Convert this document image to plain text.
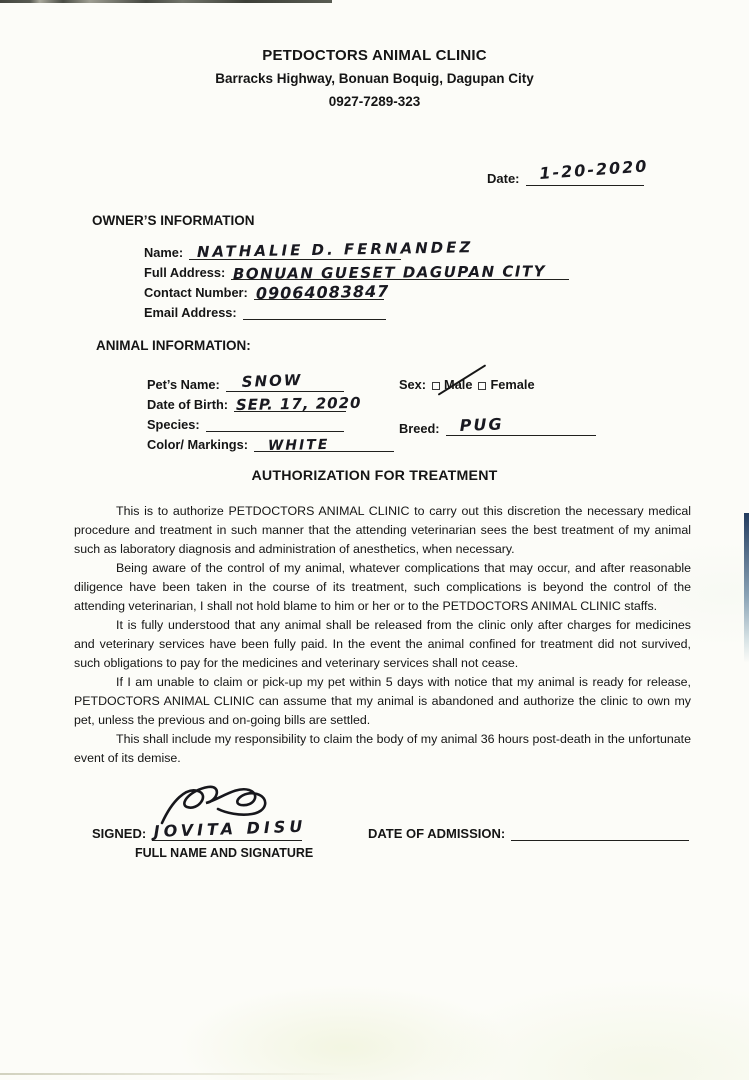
PETDOCTORS ANIMAL CLINIC
Barracks Highway, Bonuan Boquig, Dagupan City
0927-7289-323
Date: 1-20-2020
OWNER’S INFORMATION
Name: NATHALIE D. FERNANDEZ
Full Address: BONUAN GUESET DAGUPAN CITY
Contact Number: 09064083847
Email Address:
ANIMAL INFORMATION:
Pet’s Name: SNOW
Date of Birth: SEP. 17, 2020
Species:
Color/ Markings: WHITE
Sex: Male Female
Breed: PUG
AUTHORIZATION FOR TREATMENT

This is to authorize PETDOCTORS ANIMAL CLINIC to carry out this discretion the necessary medical procedure and treatment in such manner that the attending veterinarian sees the best treatment of my animal such as laboratory diagnosis and administration of anesthetics, when necessary.

Being aware of the control of my animal, whatever complications that may occur, and after reasonable diligence have been taken in the course of its treatment, such complications is beyond the control of the attending veterinarian, I shall not hold blame to him or her or to the PETDOCTORS ANIMAL CLINIC staffs.

It is fully understood that any animal shall be released from the clinic only after charges for medicines and veterinary services have been fully paid. In the event the animal confined for treatment did not survived, such obligations to pay for the medicines and veterinary services shall not cease.

If I am unable to claim or pick-up my pet within 5 days with notice that my animal is ready for release, PETDOCTORS ANIMAL CLINIC can assume that my animal is abandoned and authorize the clinic to own my pet, unless the previous and on-going bills are settled.

This shall include my responsibility to claim the body of my animal 36 hours post-death in the unfortunate event of its demise.

SIGNED: JOVITA DISU
FULL NAME AND SIGNATURE
DATE OF ADMISSION:
